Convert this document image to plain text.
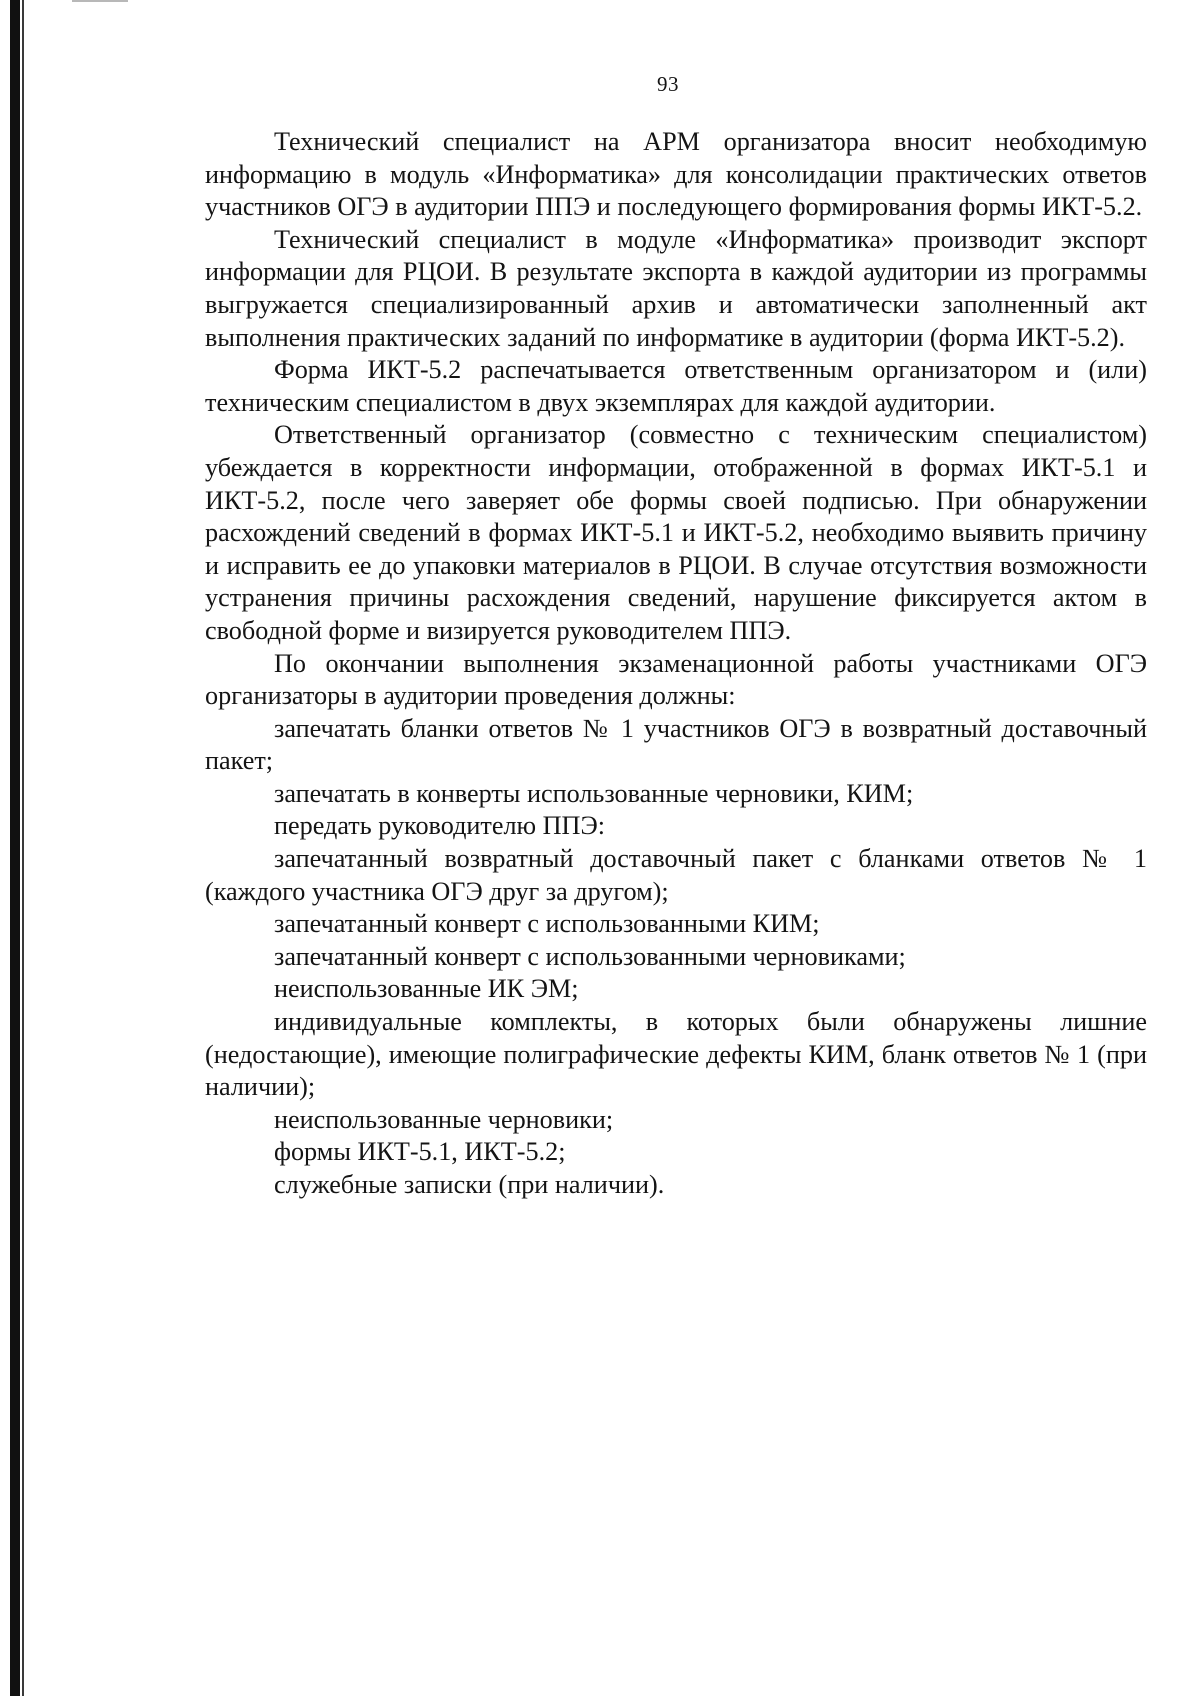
93

Технический специалист на АРМ организатора вносит необходимую информацию в модуль «Информатика» для консолидации практических ответов участников ОГЭ в аудитории ППЭ и последующего формирования формы ИКТ-5.2.

Технический специалист в модуле «Информатика» производит экспорт информации для РЦОИ. В результате экспорта в каждой аудитории из программы выгружается специализированный архив и автоматически заполненный акт выполнения практических заданий по информатике в аудитории (форма ИКТ-5.2).

Форма ИКТ-5.2 распечатывается ответственным организатором и (или) техническим специалистом в двух экземплярах для каждой аудитории.

Ответственный организатор (совместно с техническим специалистом) убеждается в корректности информации, отображенной в формах ИКТ-5.1 и ИКТ-5.2, после чего заверяет обе формы своей подписью. При обнаружении расхождений сведений в формах ИКТ-5.1 и ИКТ-5.2, необходимо выявить причину и исправить ее до упаковки материалов в РЦОИ. В случае отсутствия возможности устранения причины расхождения сведений, нарушение фиксируется актом в свободной форме и визируется руководителем ППЭ.

По окончании выполнения экзаменационной работы участниками ОГЭ организаторы в аудитории проведения должны:

запечатать бланки ответов № 1 участников ОГЭ в возвратный доставочный пакет;

запечатать в конверты использованные черновики, КИМ;

передать руководителю ППЭ:

запечатанный возвратный доставочный пакет с бланками ответов № 1 (каждого участника ОГЭ друг за другом);

запечатанный конверт с использованными КИМ;

запечатанный конверт с использованными черновиками;

неиспользованные ИК ЭМ;

индивидуальные комплекты, в которых были обнаружены лишние (недостающие), имеющие полиграфические дефекты КИМ, бланк ответов № 1 (при наличии);

неиспользованные черновики;

формы ИКТ-5.1, ИКТ-5.2;

служебные записки (при наличии).
